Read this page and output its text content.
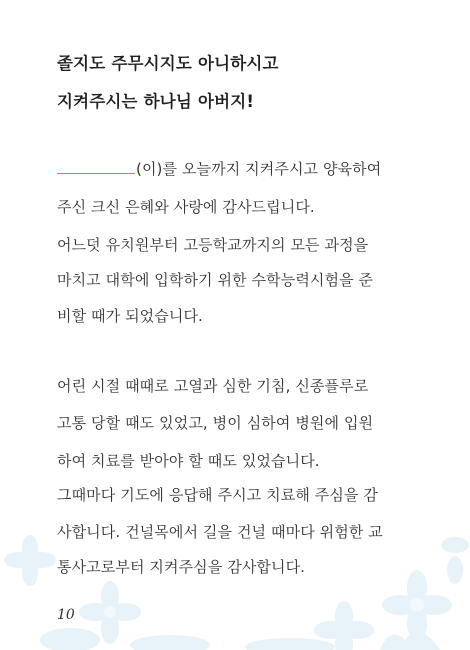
졸지도 주무시지도 아니하시고
지켜주시는 하나님 아버지!
(이)를 오늘까지 지켜주시고 양육하여
주신 크신 은혜와 사랑에 감사드립니다.
어느덧 유치원부터 고등학교까지의 모든 과정을
마치고 대학에 입학하기 위한 수학능력시험을 준
비할 때가 되었습니다.
어린 시절 때때로 고열과 심한 기침, 신종플루로
고통 당할 때도 있었고, 병이 심하여 병원에 입원
하여 치료를 받아야 할 때도 있었습니다.
그때마다 기도에 응답해 주시고 치료해 주심을 감
사합니다. 건널목에서 길을 건널 때마다 위험한 교
통사고로부터 지켜주심을 감사합니다.
10
